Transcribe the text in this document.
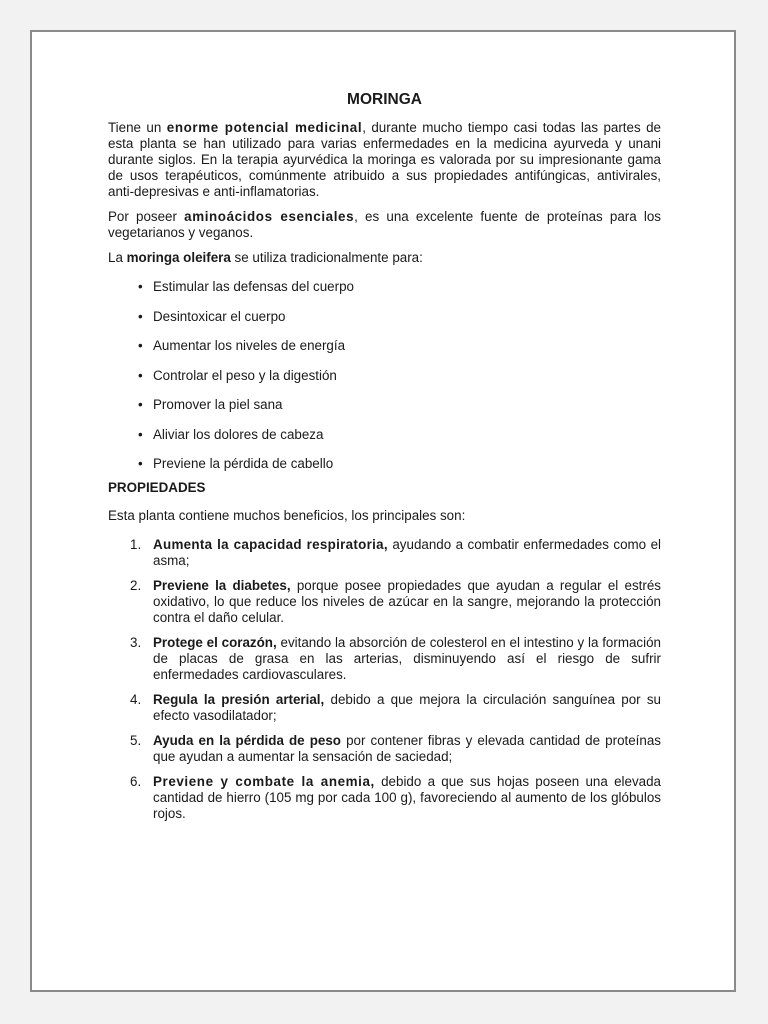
MORINGA

Tiene un enorme potencial medicinal, durante mucho tiempo casi todas las partes de esta planta se han utilizado para varias enfermedades en la medicina ayurveda y unani durante siglos. En la terapia ayurvédica la moringa es valorada por su impresionante gama de usos terapéuticos, comúnmente atribuido a sus propiedades antifúngicas, antivirales, anti-depresivas e anti-inflamatorias.

Por poseer aminoácidos esenciales, es una excelente fuente de proteínas para los vegetarianos y veganos.

La moringa oleifera se utiliza tradicionalmente para:

• Estimular las defensas del cuerpo
• Desintoxicar el cuerpo
• Aumentar los niveles de energía
• Controlar el peso y la digestión
• Promover la piel sana
• Aliviar los dolores de cabeza
• Previene la pérdida de cabello
PROPIEDADES

Esta planta contiene muchos beneficios, los principales son:

1. Aumenta la capacidad respiratoria, ayudando a combatir enfermedades como el asma;
2. Previene la diabetes, porque posee propiedades que ayudan a regular el estrés oxidativo, lo que reduce los niveles de azúcar en la sangre, mejorando la protección contra el daño celular.
3. Protege el corazón, evitando la absorción de colesterol en el intestino y la formación de placas de grasa en las arterias, disminuyendo así el riesgo de sufrir enfermedades cardiovasculares.
4. Regula la presión arterial, debido a que mejora la circulación sanguínea por su efecto vasodilatador;
5. Ayuda en la pérdida de peso por contener fibras y elevada cantidad de proteínas que ayudan a aumentar la sensación de saciedad;
6. Previene y combate la anemia, debido a que sus hojas poseen una elevada cantidad de hierro (105 mg por cada 100 g), favoreciendo al aumento de los glóbulos rojos.
